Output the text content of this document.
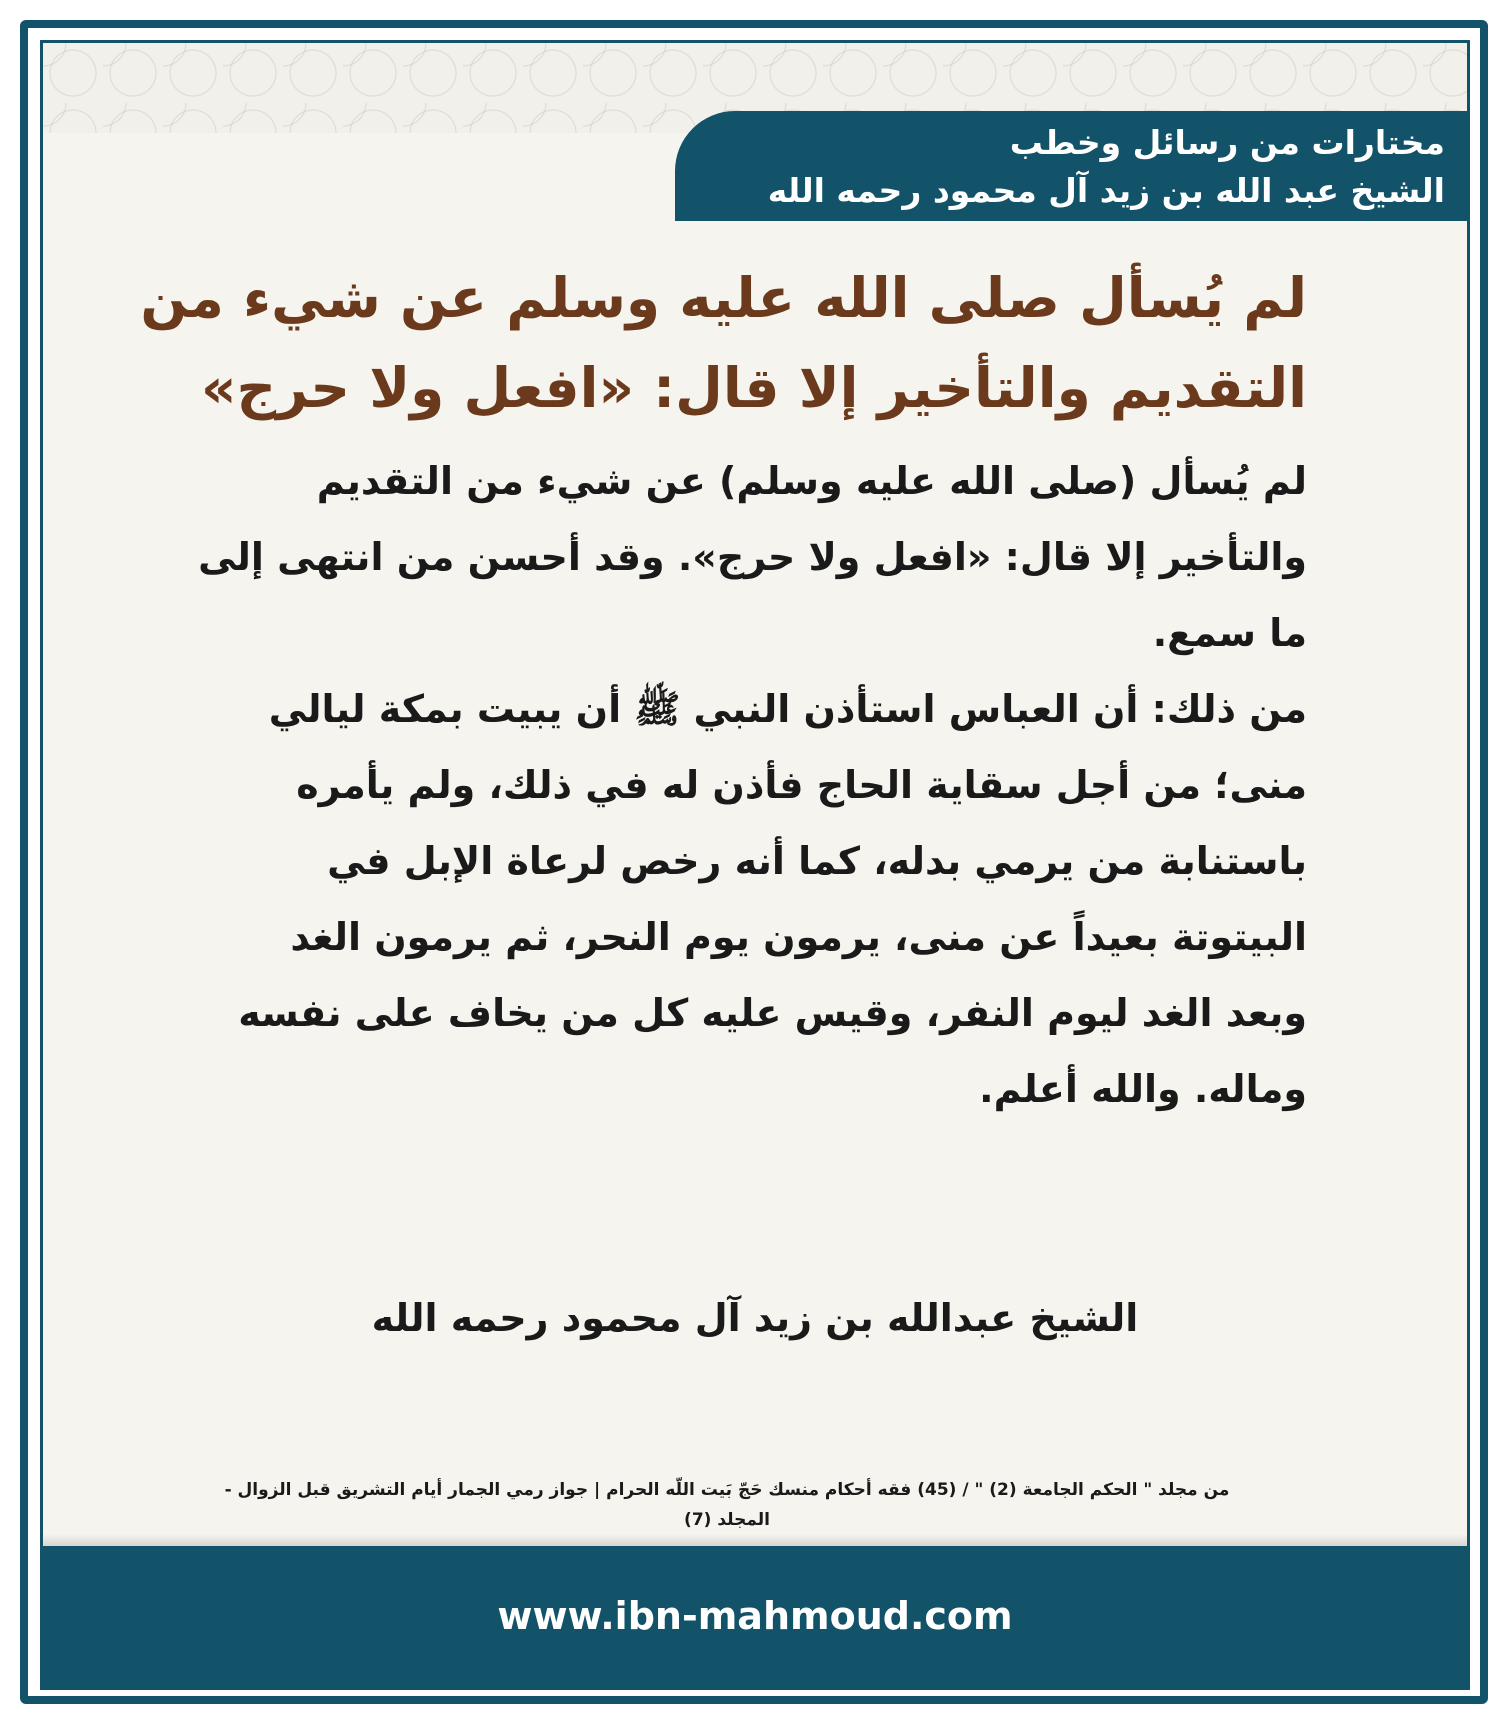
مختارات من رسائل وخطب
الشيخ عبد الله بن زيد آل محمود رحمه الله
لم يُسأل صلى الله عليه وسلم عن شيء من
التقديم والتأخير إلا قال: «افعل ولا حرج»
لم يُسأل (صلى الله عليه وسلم) عن شيء من التقديم
والتأخير إلا قال: «افعل ولا حرج». وقد أحسن من انتهى إلى
ما سمع.
من ذلك: أن العباس استأذن النبي ﷺ أن يبيت بمكة ليالي
منى؛ من أجل سقاية الحاج فأذن له في ذلك، ولم يأمره
باستنابة من يرمي بدله، كما أنه رخص لرعاة الإبل في
البيتوتة بعيداً عن منى، يرمون يوم النحر، ثم يرمون الغد
وبعد الغد ليوم النفر، وقيس عليه كل من يخاف على نفسه
وماله. والله أعلم.
الشيخ عبدالله بن زيد آل محمود رحمه الله
من مجلد " الحكم الجامعة (2) " / (45) فقه أحكام منسك حَجّ بَيت اللّه الحرام | جواز رمي الجمار أيام التشريق قبل الزوال -
المجلد (7)
www.ibn-mahmoud.com
